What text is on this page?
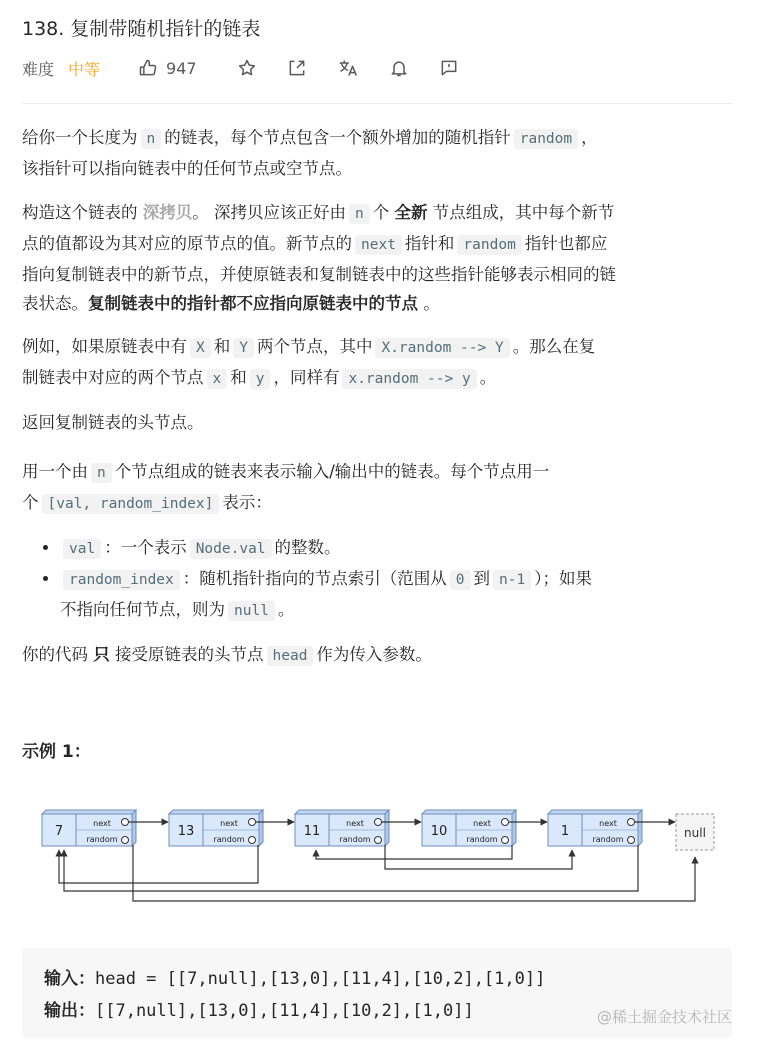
138. 复制带随机指针的链表
难度 中等	947
给你一个长度为 n 的链表，每个节点包含一个额外增加的随机指针 random ，
该指针可以指向链表中的任何节点或空节点。
构造这个链表的 深拷贝。 深拷贝应该正好由 n 个 全新 节点组成，其中每个新节
点的值都设为其对应的原节点的值。新节点的 next 指针和 random 指针也都应
指向复制链表中的新节点，并使原链表和复制链表中的这些指针能够表示相同的链
表状态。复制链表中的指针都不应指向原链表中的节点 。
例如，如果原链表中有 X 和 Y 两个节点，其中 X.random --> Y 。那么在复
制链表中对应的两个节点 x 和 y ，同样有 x.random --> y 。
返回复制链表的头节点。
用一个由 n 个节点组成的链表来表示输入/输出中的链表。每个节点用一
个 [val, random_index] 表示：
• val ：一个表示 Node.val 的整数。
• random_index ：随机指针指向的节点索引（范围从 0 到 n-1 ）；如果
不指向任何节点，则为 null 。
你的代码 只 接受原链表的头节点 head 作为传入参数。
示例 1：
7
next
random
13
next
random
11
next
random
10
next
random
1
next
random	null
输入：head = [[7,null],[13,0],[11,4],[10,2],[1,0]]
输出：[[7,null],[13,0],[11,4],[10,2],[1,0]]	@稀土掘金技术社区
